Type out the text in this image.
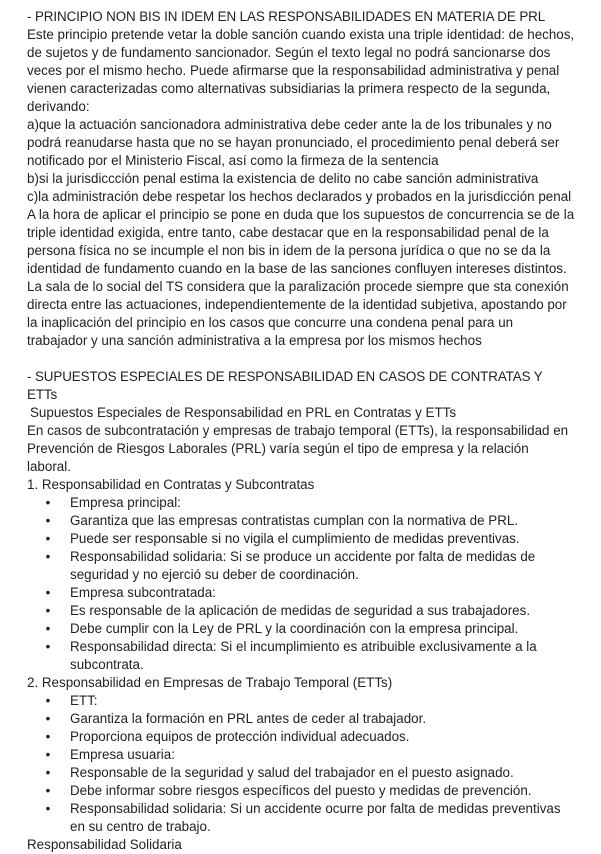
- PRINCIPIO NON BIS IN IDEM EN LAS RESPONSABILIDADES EN MATERIA DE PRL

Este principio pretende vetar la doble sanción cuando exista una triple identidad: de hechos, de sujetos y de fundamento sancionador. Según el texto legal no podrá sancionarse dos veces por el mismo hecho. Puede afirmarse que la responsabilidad administrativa y penal vienen caracterizadas como alternativas subsidiarias la primera respecto de la segunda, derivando:

a)que la actuación sancionadora administrativa debe ceder ante la de los tribunales y no podrá reanudarse hasta que no se hayan pronunciado, el procedimiento penal deberá ser notificado por el Ministerio Fiscal, así como la firmeza de la sentencia

b)si la jurisdiccción penal estima la existencia de delito no cabe sanción administrativa

c)la administración debe respetar los hechos declarados y probados en la jurisdicción penal

A la hora de aplicar el principio se pone en duda que los supuestos de concurrencia se de la triple identidad exigida, entre tanto, cabe destacar que en la responsabilidad penal de la persona física no se incumple el non bis in idem de la persona jurídica o que no se da la identidad de fundamento cuando en la base de las sanciones confluyen intereses distintos.

La sala de lo social del TS considera que la paralización procede siempre que sta conexión directa entre las actuaciones, independientemente de la identidad subjetiva, apostando por la inaplicación del principio en los casos que concurre una condena penal para un trabajador y una sanción administrativa a la empresa por los mismos hechos

- SUPUESTOS ESPECIALES DE RESPONSABILIDAD EN CASOS DE CONTRATAS Y ETTs

Supuestos Especiales de Responsabilidad en PRL en Contratas y ETTs

En casos de subcontratación y empresas de trabajo temporal (ETTs), la responsabilidad en Prevención de Riesgos Laborales (PRL) varía según el tipo de empresa y la relación laboral.

1. Responsabilidad en Contratas y Subcontratas

• Empresa principal:
• Garantiza que las empresas contratistas cumplan con la normativa de PRL.
• Puede ser responsable si no vigila el cumplimiento de medidas preventivas.
• Responsabilidad solidaria: Si se produce un accidente por falta de medidas de seguridad y no ejerció su deber de coordinación.
• Empresa subcontratada:
• Es responsable de la aplicación de medidas de seguridad a sus trabajadores.
• Debe cumplir con la Ley de PRL y la coordinación con la empresa principal.
• Responsabilidad directa: Si el incumplimiento es atribuible exclusivamente a la subcontrata.

2. Responsabilidad en Empresas de Trabajo Temporal (ETTs)

• ETT:
• Garantiza la formación en PRL antes de ceder al trabajador.
• Proporciona equipos de protección individual adecuados.
• Empresa usuaria:
• Responsable de la seguridad y salud del trabajador en el puesto asignado.
• Debe informar sobre riesgos específicos del puesto y medidas de prevención.
• Responsabilidad solidaria: Si un accidente ocurre por falta de medidas preventivas en su centro de trabajo.

Responsabilidad Solidaria
